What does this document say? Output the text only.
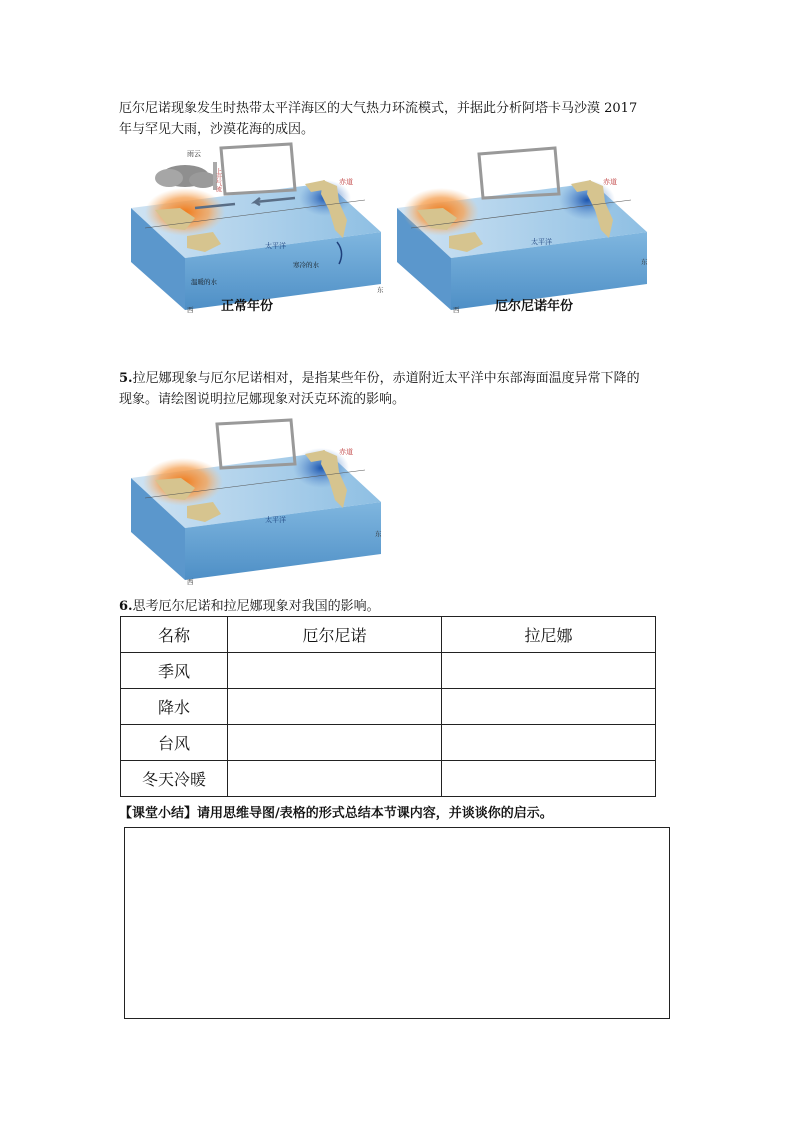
厄尔尼诺现象发生时热带太平洋海区的大气热力环流模式，并据此分析阿塔卡马沙漠 2017
年与罕见大雨，沙漠花海的成因。
雨云
上升气流	赤道
太平洋
寒冷的水
温暖的水
西
东
正常年份
赤道
太平洋
西
东
厄尔尼诺年份
5.拉尼娜现象与厄尔尼诺相对，是指某些年份，赤道附近太平洋中东部海面温度异常下降的
现象。请绘图说明拉尼娜现象对沃克环流的影响。
赤道
太平洋
西
东
6.思考厄尔尼诺和拉尼娜现象对我国的影响。
名称	厄尔尼诺	拉尼娜
季风		
降水		
台风		
冬天冷暖		
【课堂小结】请用思维导图/表格的形式总结本节课内容，并谈谈你的启示。
